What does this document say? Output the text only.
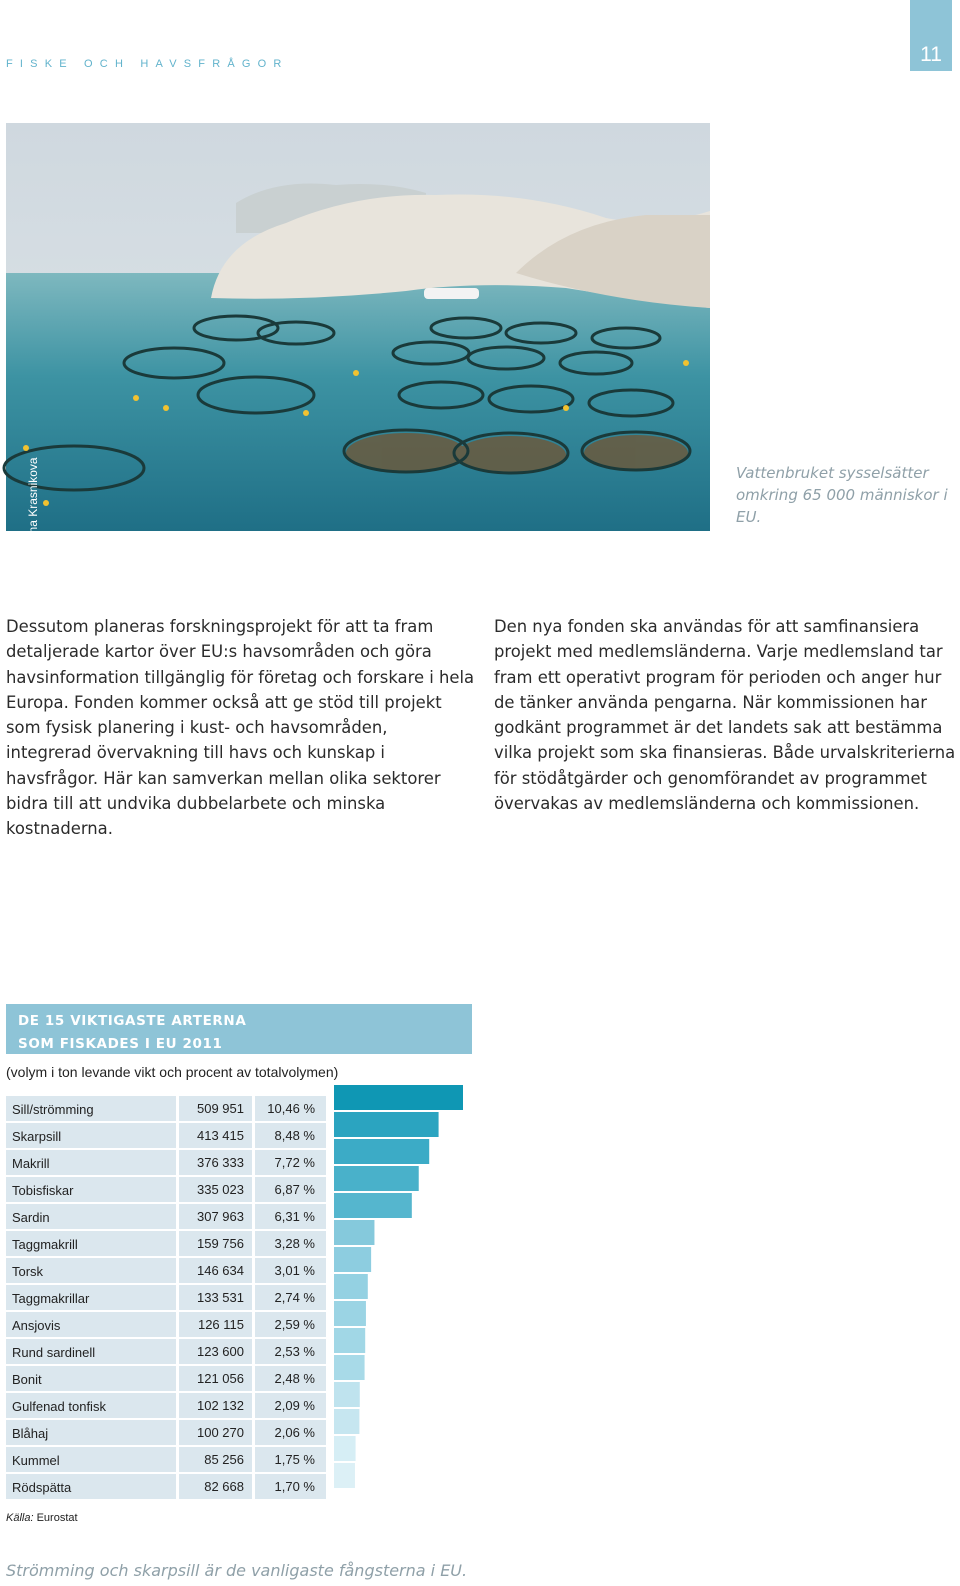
FISKE OCH HAVSFRÅGOR	11
© istockphoto/Ekaterina Krasnikova	Vattenbruket sysselsätter omkring 65 000 människor i EU.

Dessutom planeras forskningsprojekt för att ta fram detaljerade kartor över EU:s havsområden och göra havsinformation tillgänglig för företag och forskare i hela Europa. Fonden kommer också att ge stöd till projekt som fysisk planering i kust- och havsområden, integrerad övervakning till havs och kunskap i havsfrågor. Här kan samverkan mellan olika sektorer bidra till att undvika dubbelarbete och minska kostnaderna.

Den nya fonden ska användas för att samfinansiera projekt med medlemsländerna. Varje medlemsland tar fram ett operativt program för perioden och anger hur de tänker använda pengarna. När kommissionen har godkänt programmet är det landets sak att bestämma vilka projekt som ska finansieras. Både urvalskriterierna för stödåtgärder och genomförandet av programmet övervakas av medlemsländerna och kommissionen.

DE 15 VIKTIGASTE ARTERNA
SOM FISKADES I EU 2011
(volym i ton levande vikt och procent av totalvolymen)
Sill/strömming	509 951 10,46 %
Skarpsill	413 415 8,48 %
Makrill	376 333 7,72 %
Tobisfiskar	335 023 6,87 %
Sardin	307 963 6,31 %
Taggmakrill	159 756 3,28 %
Torsk	146 634 3,01 %
Taggmakrillar	133 531 2,74 %
Ansjovis	126 115 2,59 %
Rund sardinell	123 600 2,53 %
Bonit	121 056 2,48 %
Gulfenad tonfisk	102 132 2,09 %
Blåhaj	100 270 2,06 %
Kummel	85 256 1,75 %
Rödspätta	82 668 1,70 %
Källa: Eurostat
Strömming och skarpsill är de vanligaste fångsterna i EU.
